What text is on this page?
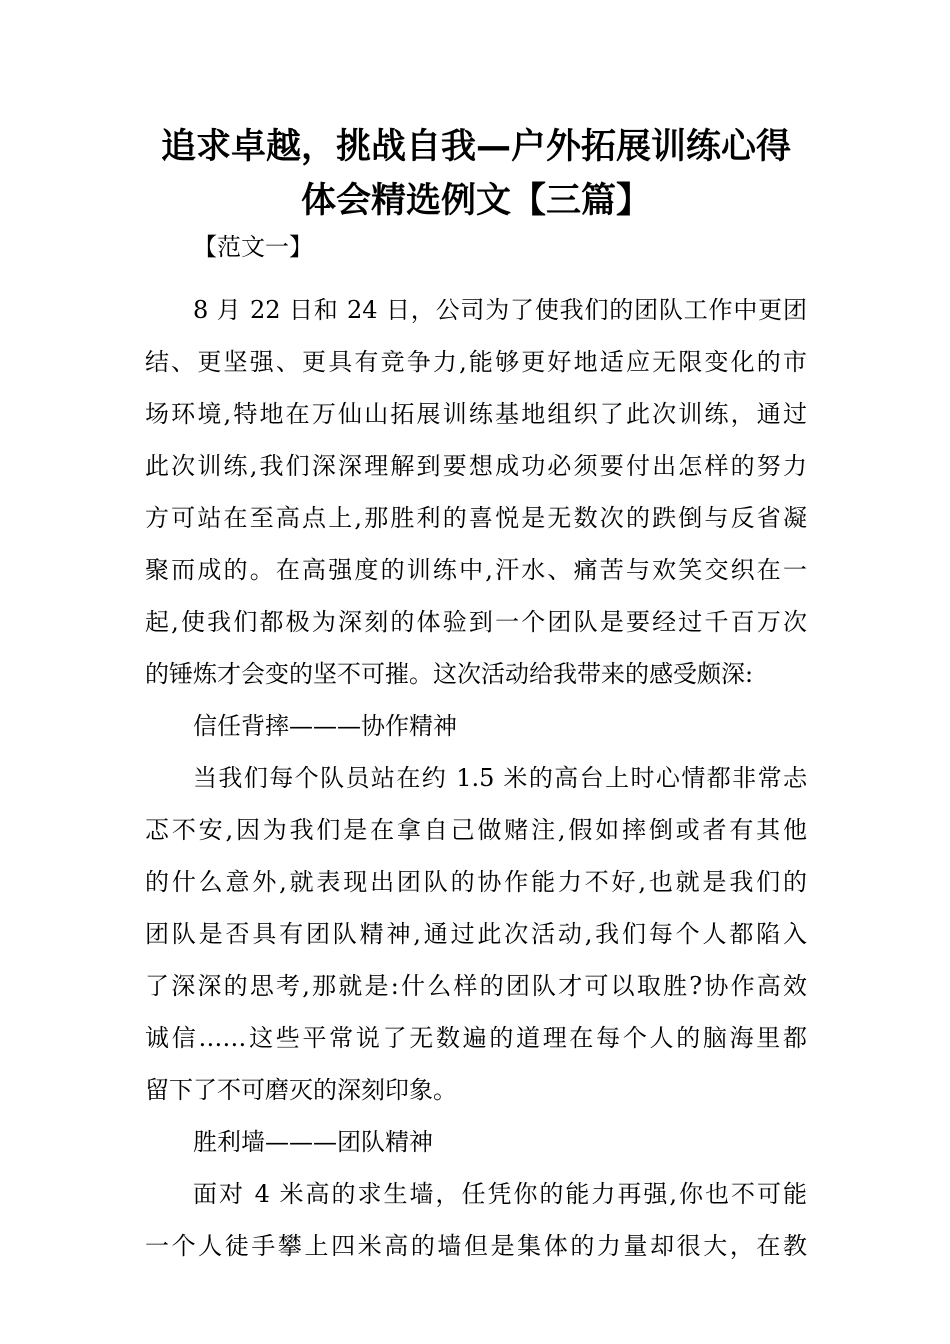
追求卓越，挑战自我—户外拓展训练心得
体会精选例文【三篇】
【范文一】
8 月 22 日和 24 日，公司为了使我们的团队工作中更团
结、更坚强、更具有竞争力,能够更好地适应无限变化的市
场环境,特地在万仙山拓展训练基地组织了此次训练，通过
此次训练,我们深深理解到要想成功必须要付出怎样的努力
方可站在至高点上,那胜利的喜悦是无数次的跌倒与反省凝
聚而成的。在高强度的训练中,汗水、痛苦与欢笑交织在一
起,使我们都极为深刻的体验到一个团队是要经过千百万次
的锤炼才会变的坚不可摧。这次活动给我带来的感受颇深:
信任背摔———协作精神
当我们每个队员站在约 1.5 米的高台上时心情都非常忐
忑不安,因为我们是在拿自己做赌注,假如摔倒或者有其他
的什么意外,就表现出团队的协作能力不好,也就是我们的
团队是否具有团队精神,通过此次活动,我们每个人都陷入
了深深的思考,那就是:什么样的团队才可以取胜?协作高效
诚信……这些平常说了无数遍的道理在每个人的脑海里都
留下了不可磨灭的深刻印象。
胜利墙———团队精神
面对 4 米高的求生墙，任凭你的能力再强,你也不可能
一个人徒手攀上四米高的墙但是集体的力量却很大，在教
